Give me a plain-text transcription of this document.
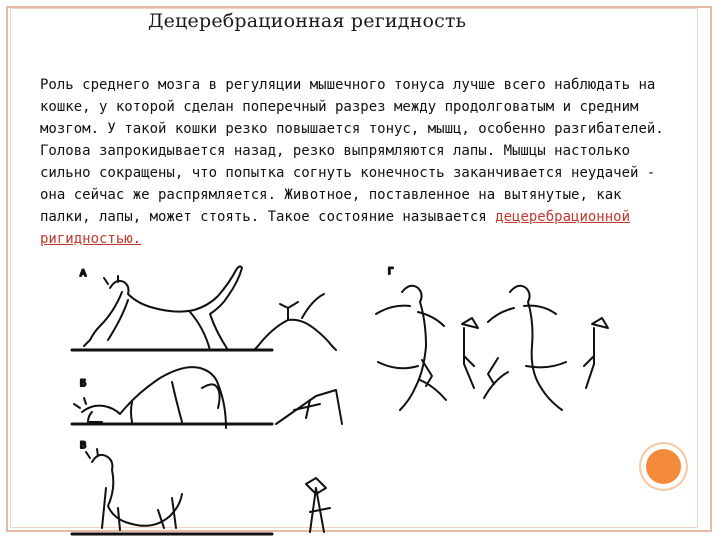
Децеребрационная регидность

Роль среднего мозга в регуляции мышечного тонуса лучше всего наблюдать на кошке, у которой сделан поперечный разрез между продолговатым и средним мозгом. У такой кошки резко повышается тонус, мышц, особенно разгибателей. Голова запрокидывается назад, резко выпрямляются лапы. Мышцы настолько сильно сокращены, что попытка согнуть конечность заканчивается неудачей - она сейчас же распрямляется. Животное, поставленное на вытянутые, как палки, лапы, может стоять. Такое состояние называется децеребрационной ригидностью.

А
Б
В
Г
